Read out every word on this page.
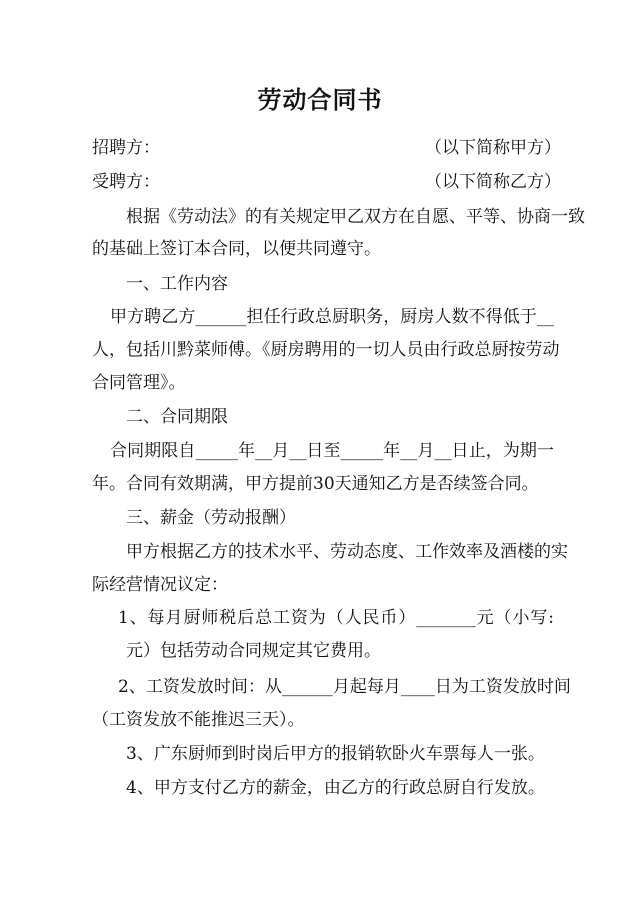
劳动合同书
招聘方：	（以下简称甲方）
受聘方：	（以下简称乙方）
根据《劳动法》的有关规定甲乙双方在自愿、平等、协商一致
的基础上签订本合同，以便共同遵守。
一、工作内容
甲方聘乙方______担任行政总厨职务，厨房人数不得低于__
人，包括川黔菜师傅。《厨房聘用的一切人员由行政总厨按劳动
合同管理》。
二、合同期限
合同期限自_____年__月__日至_____年__月__日止，为期一
年。合同有效期满，甲方提前30天通知乙方是否续签合同。
三、薪金（劳动报酬）
甲方根据乙方的技术水平、劳动态度、工作效率及酒楼的实
际经营情况议定：
1、每月厨师税后总工资为（人民币）_______元（小写:
元）包括劳动合同规定其它费用。
2、工资发放时间：从______月起每月____日为工资发放时间
（工资发放不能推迟三天）。
3、广东厨师到时岗后甲方的报销软卧火车票每人一张。
4、甲方支付乙方的薪金，由乙方的行政总厨自行发放。
